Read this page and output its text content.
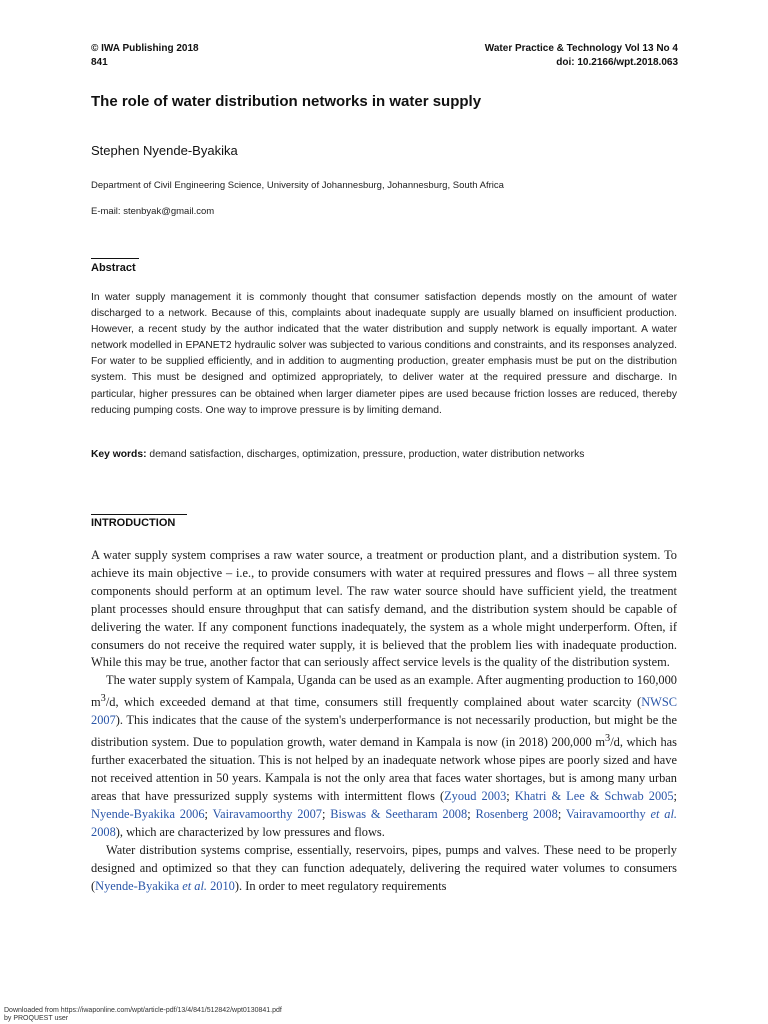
© IWA Publishing 2018
841
Water Practice & Technology Vol 13 No 4
doi: 10.2166/wpt.2018.063
The role of water distribution networks in water supply
Stephen Nyende-Byakika
Department of Civil Engineering Science, University of Johannesburg, Johannesburg, South Africa
E-mail: stenbyak@gmail.com
Abstract

In water supply management it is commonly thought that consumer satisfaction depends mostly on the amount of water discharged to a network. Because of this, complaints about inadequate supply are usually blamed on insufficient production. However, a recent study by the author indicated that the water distribution and supply network is equally important. A water network modelled in EPANET2 hydraulic solver was subjected to various conditions and constraints, and its responses analyzed. For water to be supplied efficiently, and in addition to augmenting production, greater emphasis must be put on the distribution system. This must be designed and optimized appropriately, to deliver water at the required pressure and discharge. In particular, higher pressures can be obtained when larger diameter pipes are used because friction losses are reduced, thereby reducing pumping costs. One way to improve pressure is by limiting demand.

Key words: demand satisfaction, discharges, optimization, pressure, production, water distribution networks

INTRODUCTION

A water supply system comprises a raw water source, a treatment or production plant, and a distribution system. To achieve its main objective – i.e., to provide consumers with water at required pressures and flows – all three system components should perform at an optimum level. The raw water source should have sufficient yield, the treatment plant processes should ensure throughput that can satisfy demand, and the distribution system should be capable of delivering the water. If any component functions inadequately, the system as a whole might underperform. Often, if consumers do not receive the required water supply, it is believed that the problem lies with inadequate production. While this may be true, another factor that can seriously affect service levels is the quality of the distribution system.

The water supply system of Kampala, Uganda can be used as an example. After augmenting production to 160,000 $m^3/d$, which exceeded demand at that time, consumers still frequently complained about water scarcity (NWSC 2007). This indicates that the cause of the system's underperformance is not necessarily production, but might be the distribution system. Due to population growth, water demand in Kampala is now (in 2018) 200,000 $m^3/d$, which has further exacerbated the situation. This is not helped by an inadequate network whose pipes are poorly sized and have not received attention in 50 years. Kampala is not the only area that faces water shortages, but is among many urban areas that have pressurized supply systems with intermittent flows (Zyoud 2003; Khatri & Lee & Schwab 2005; Nyende-Byakika 2006; Vairavamoorthy 2007; Biswas & Seetharam 2008; Rosenberg 2008; Vairavamoorthy et al. 2008), which are characterized by low pressures and flows.

Water distribution systems comprise, essentially, reservoirs, pipes, pumps and valves. These need to be properly designed and optimized so that they can function adequately, delivering the required water volumes to consumers (Nyende-Byakika et al. 2010). In order to meet regulatory requirements

Downloaded from https://iwaponline.com/wpt/article-pdf/13/4/841/512842/wpt0130841.pdf
by PROQUEST user
